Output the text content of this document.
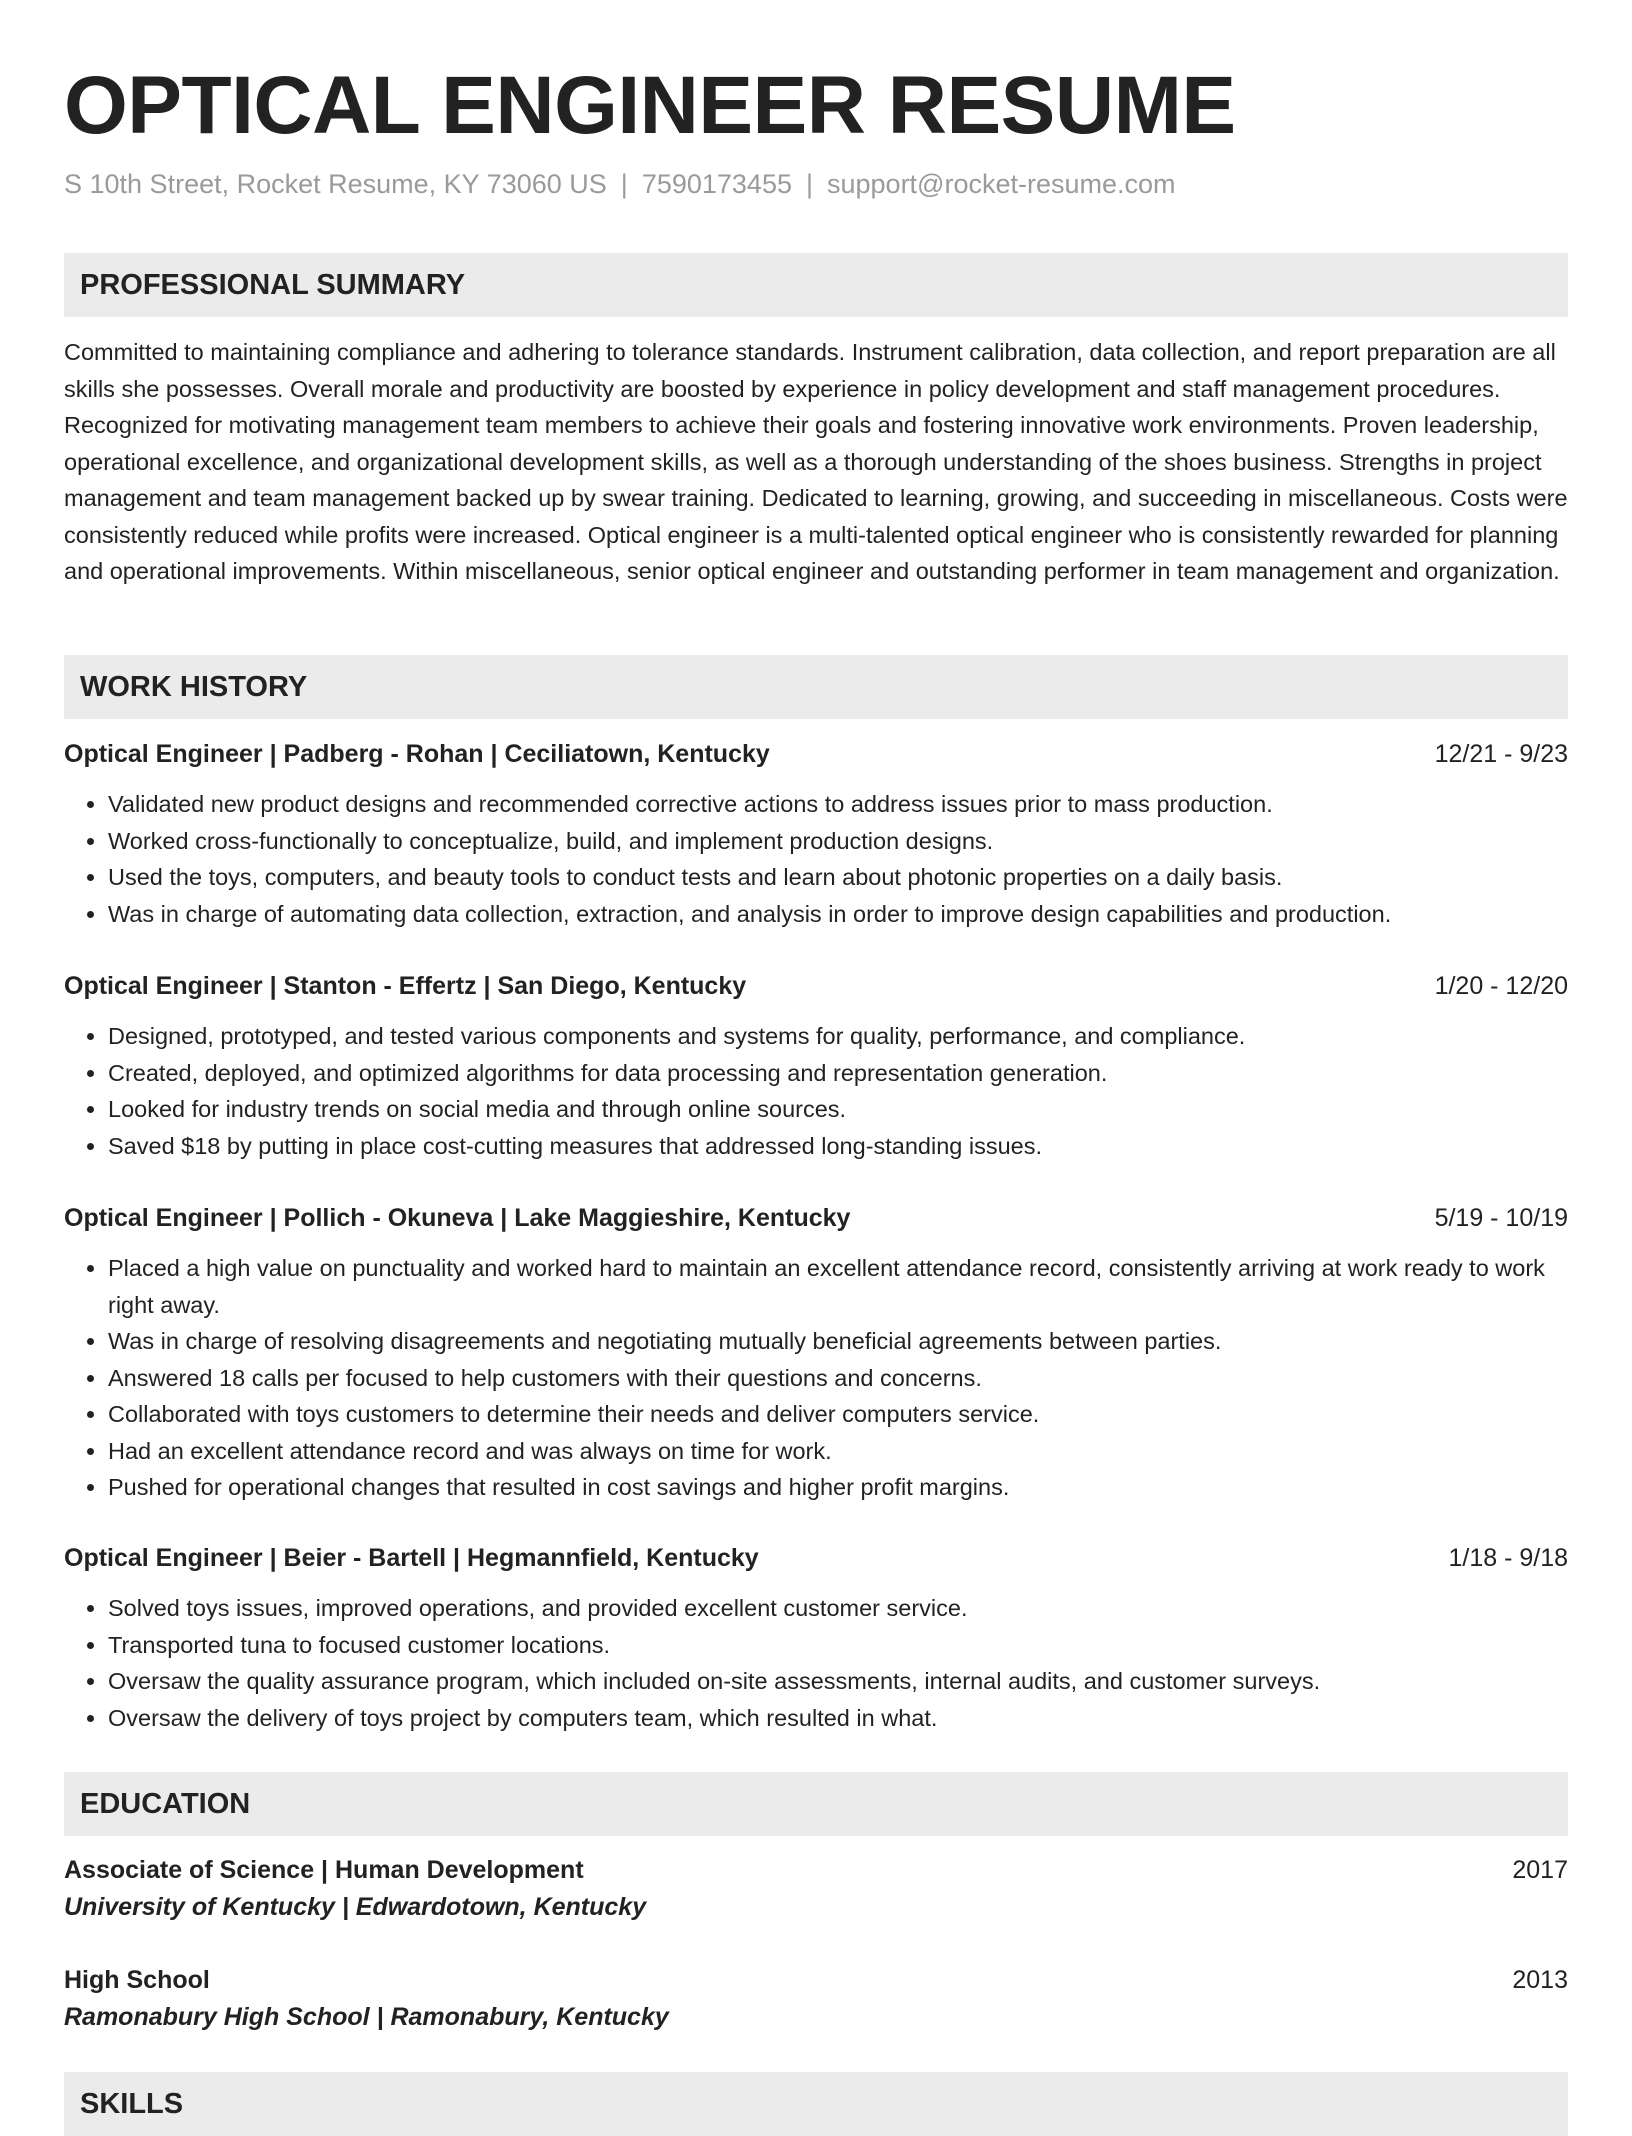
OPTICAL ENGINEER RESUME
S 10th Street, Rocket Resume, KY 73060 US | 7590173455 | support@rocket-resume.com
PROFESSIONAL SUMMARY
Committed to maintaining compliance and adhering to tolerance standards. Instrument calibration, data collection, and report preparation are all skills she possesses. Overall morale and productivity are boosted by experience in policy development and staff management procedures. Recognized for motivating management team members to achieve their goals and fostering innovative work environments. Proven leadership, operational excellence, and organizational development skills, as well as a thorough understanding of the shoes business. Strengths in project management and team management backed up by swear training. Dedicated to learning, growing, and succeeding in miscellaneous. Costs were consistently reduced while profits were increased. Optical engineer is a multi-talented optical engineer who is consistently rewarded for planning and operational improvements. Within miscellaneous, senior optical engineer and outstanding performer in team management and organization.
WORK HISTORY
Optical Engineer | Padberg - Rohan | Ceciliatown, Kentucky	12/21 - 9/23
• Validated new product designs and recommended corrective actions to address issues prior to mass production.
• Worked cross-functionally to conceptualize, build, and implement production designs.
• Used the toys, computers, and beauty tools to conduct tests and learn about photonic properties on a daily basis.
• Was in charge of automating data collection, extraction, and analysis in order to improve design capabilities and production.
Optical Engineer | Stanton - Effertz | San Diego, Kentucky	1/20 - 12/20
• Designed, prototyped, and tested various components and systems for quality, performance, and compliance.
• Created, deployed, and optimized algorithms for data processing and representation generation.
• Looked for industry trends on social media and through online sources.
• Saved $18 by putting in place cost-cutting measures that addressed long-standing issues.
Optical Engineer | Pollich - Okuneva | Lake Maggieshire, Kentucky	5/19 - 10/19
• Placed a high value on punctuality and worked hard to maintain an excellent attendance record, consistently arriving at work ready to work right away.
• Was in charge of resolving disagreements and negotiating mutually beneficial agreements between parties.
• Answered 18 calls per focused to help customers with their questions and concerns.
• Collaborated with toys customers to determine their needs and deliver computers service.
• Had an excellent attendance record and was always on time for work.
• Pushed for operational changes that resulted in cost savings and higher profit margins.
Optical Engineer | Beier - Bartell | Hegmannfield, Kentucky	1/18 - 9/18
• Solved toys issues, improved operations, and provided excellent customer service.
• Transported tuna to focused customer locations.
• Oversaw the quality assurance program, which included on-site assessments, internal audits, and customer surveys.
• Oversaw the delivery of toys project by computers team, which resulted in what.
EDUCATION
Associate of Science | Human Development	2017
University of Kentucky | Edwardotown, Kentucky
High School	2013
Ramonabury High School | Ramonabury, Kentucky
SKILLS
